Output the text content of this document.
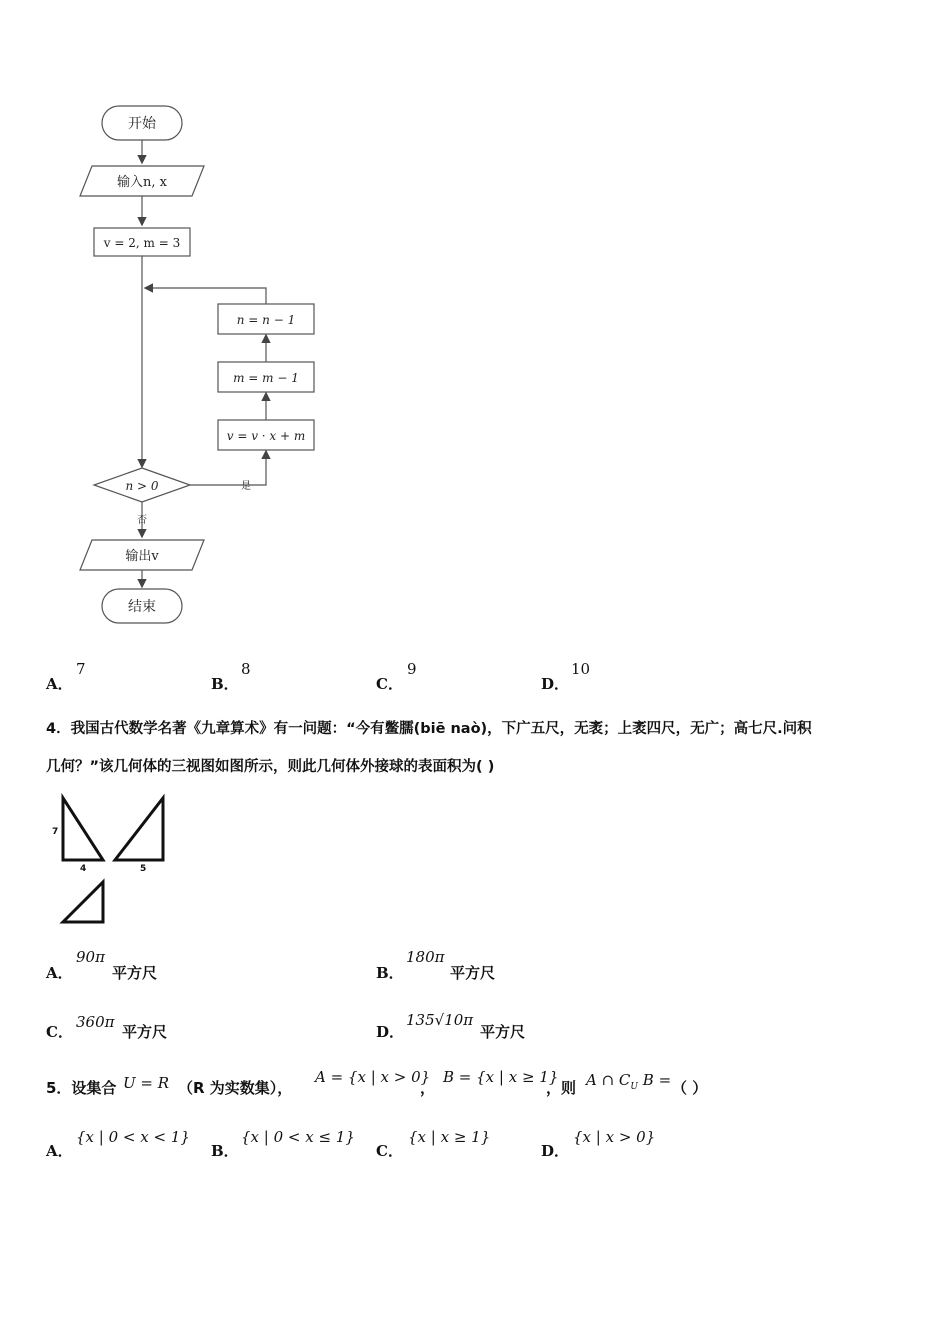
开始
输入n, x
v = 2, m = 3
n = n − 1
m = m − 1
v = v · x + m
n > 0	是
否
输出v
结束
A．
7
B．
8
C．
9
D．
10
4．我国古代数学名著《九章算术》有一问题：“今有鳖臑(biē naò)，下广五尺，无袤；上袤四尺，无广；高七尺.问积
几何？”该几何体的三视图如图所示，则此几何体外接球的表面积为( )
7
4	5
A．
90π
平方尺	B．
180π
平方尺
C．
360π
平方尺	D．
135√10π
平方尺
5．设集合 U = R （R 为实数集），
A = {x | x > 0}
，
B = {x | x ≥ 1}
，则 A ∩ $C_U$ B = （ ）
A．
{x | 0 < x < 1}
B．
{x | 0 < x ≤ 1}
C．
{x | x ≥ 1}
D．
{x | x > 0}
